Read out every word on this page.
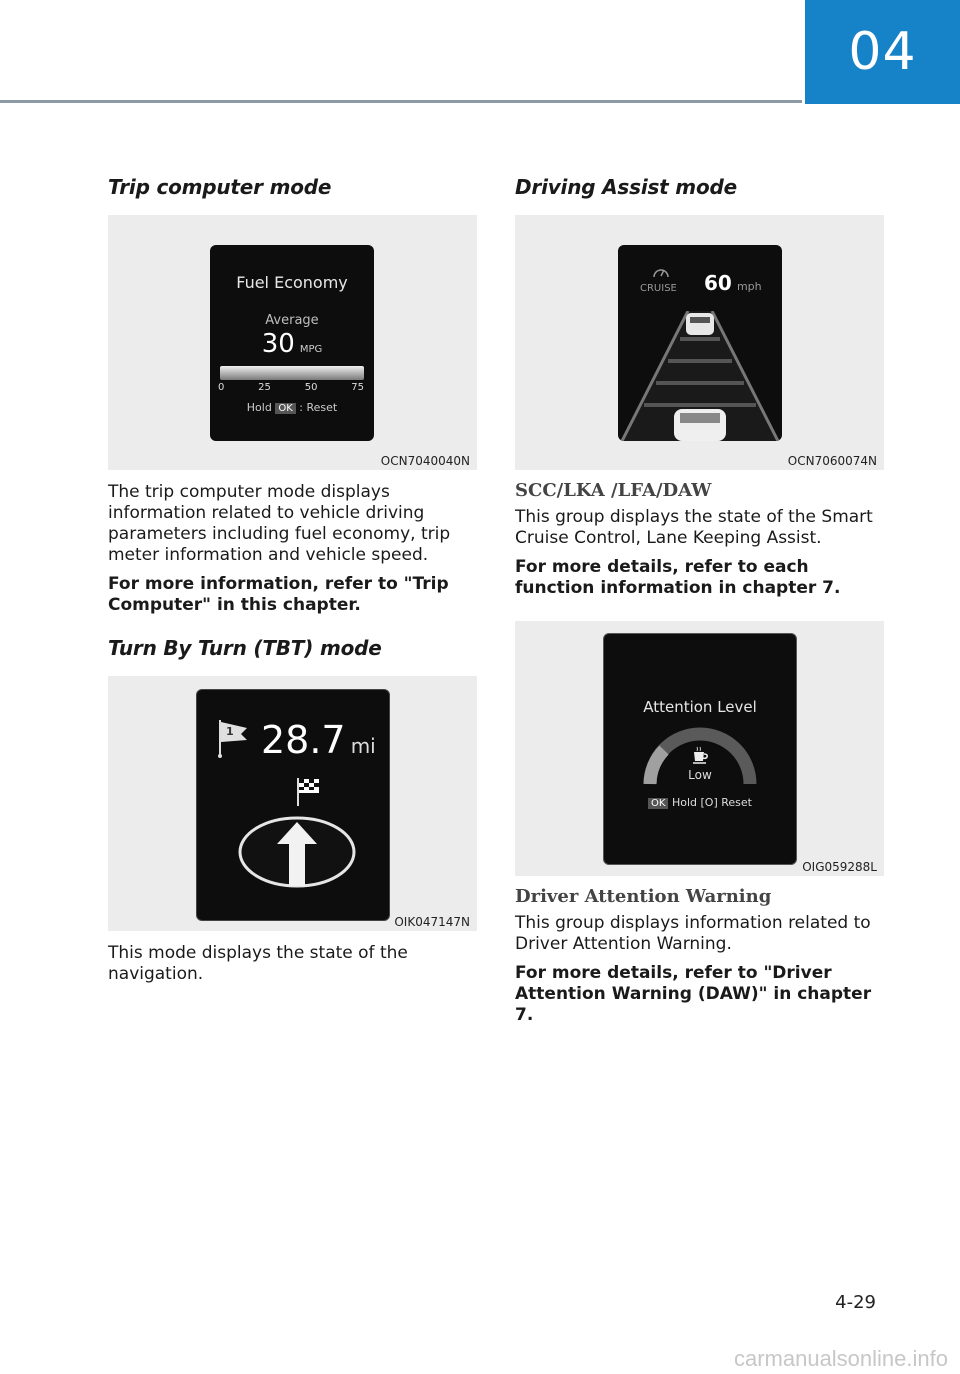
04
Trip computer mode
Fuel Economy
Average
30 MPG
0	25	50	75
Hold OK : Reset
OCN7040040N

The trip computer mode displays information related to vehicle driving parameters including fuel economy, trip meter information and vehicle speed.

For more information, refer to "Trip Computer" in this chapter.

Turn By Turn (TBT) mode
1 28.7 mi
OIK047147N

This mode displays the state of the navigation.

Driving Assist mode
CRUISE 60 mph
OCN7060074N
SCC/LKA /LFA/DAW

This group displays the state of the Smart Cruise Control, Lane Keeping Assist.

For more details, refer to each function information in chapter 7.

Attention Level
Low
OK Hold [O] Reset
OIG059288L
Driver Attention Warning

This group displays information related to Driver Attention Warning.

For more details, refer to "Driver Attention Warning (DAW)" in chapter 7.

4-29
carmanualsonline.info
